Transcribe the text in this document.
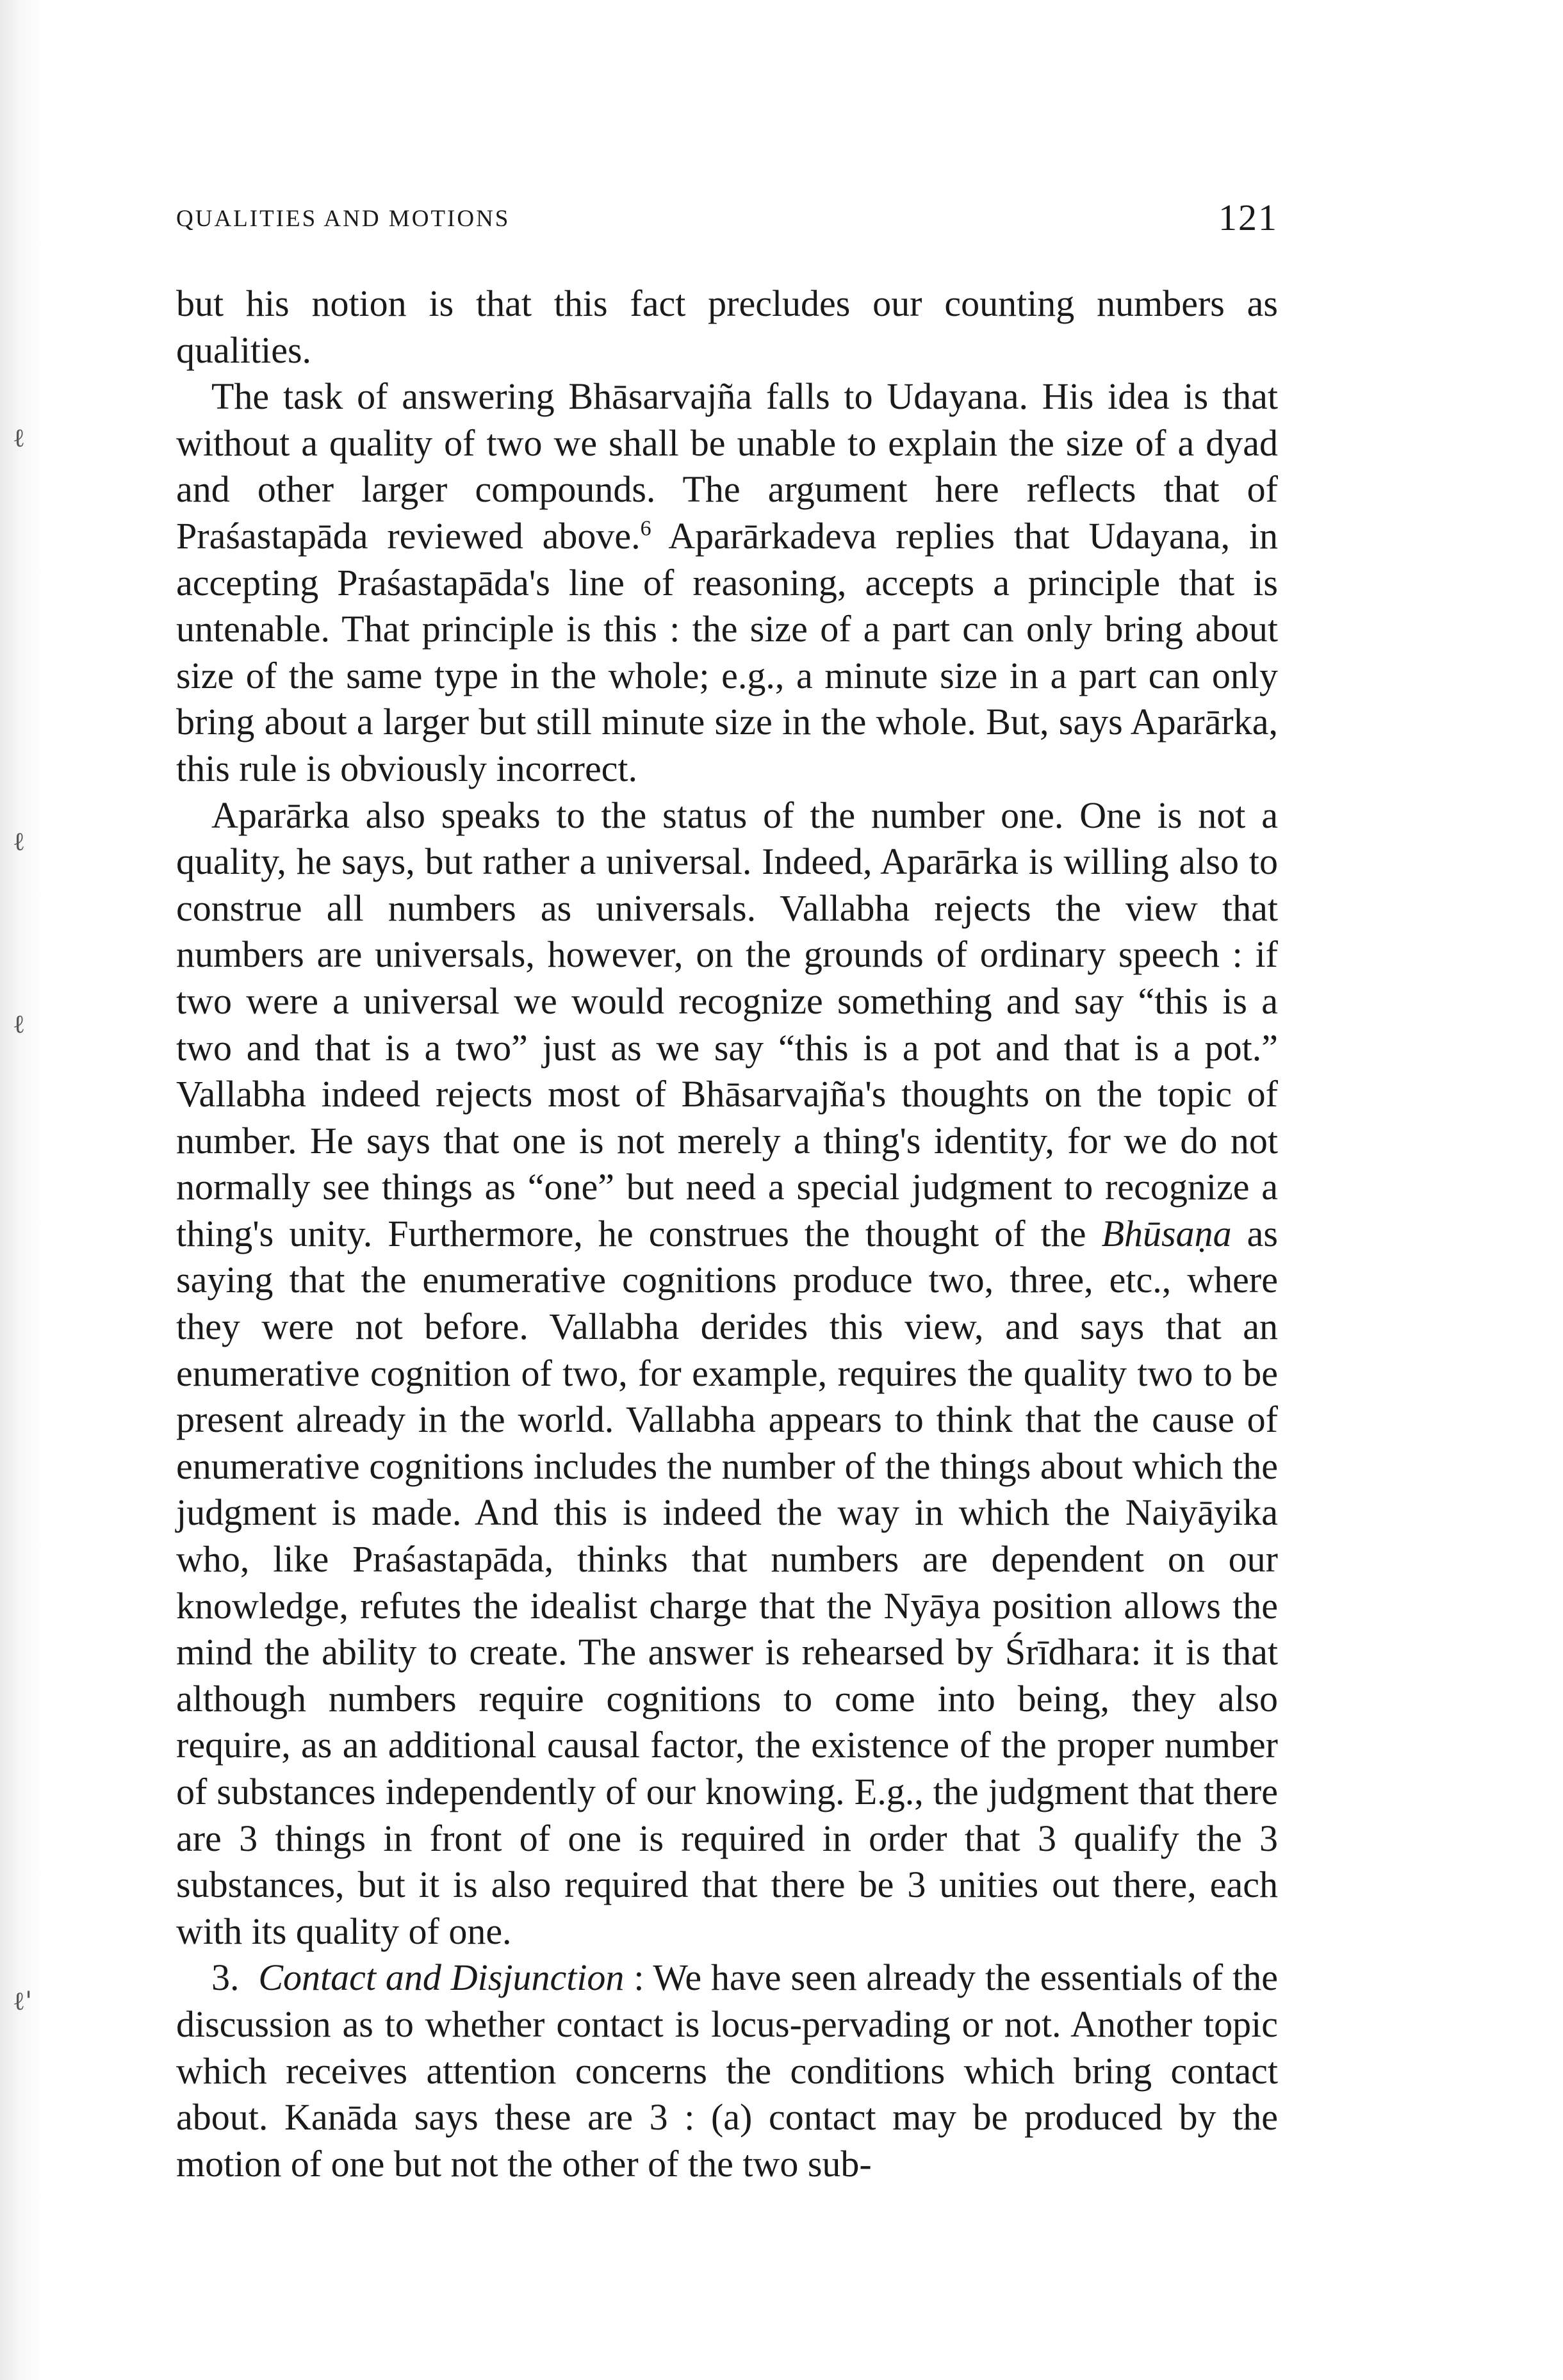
ℓ
ℓ
ℓ
ℓ'
QUALITIES AND MOTIONS	121

but his notion is that this fact precludes our counting numbers as qualities.

The task of answering Bhāsarvajña falls to Udayana. His idea is that without a quality of two we shall be unable to explain the size of a dyad and other larger compounds. The argument here reflects that of Praśastapāda reviewed above.$^6$ Aparārkadeva replies that Udayana, in accepting Praśastapāda's line of reasoning, accepts a principle that is untenable. That principle is this : the size of a part can only bring about size of the same type in the whole; e.g., a minute size in a part can only bring about a larger but still minute size in the whole. But, says Aparārka, this rule is obviously incorrect.

Aparārka also speaks to the status of the number one. One is not a quality, he says, but rather a universal. Indeed, Aparārka is willing also to construe all numbers as universals. Vallabha rejects the view that numbers are universals, however, on the grounds of ordinary speech : if two were a universal we would recognize something and say “this is a two and that is a two” just as we say “this is a pot and that is a pot.” Vallabha indeed rejects most of Bhāsarvajña's thoughts on the topic of number. He says that one is not merely a thing's identity, for we do not normally see things as “one” but need a special judgment to recognize a thing's unity. Furthermore, he construes the thought of the Bhūsaṇa as saying that the enumerative cognitions produce two, three, etc., where they were not before. Vallabha derides this view, and says that an enumerative cognition of two, for example, requires the quality two to be present already in the world. Vallabha appears to think that the cause of enumerative cognitions includes the number of the things about which the judgment is made. And this is indeed the way in which the Naiyāyika who, like Praśastapāda, thinks that numbers are dependent on our knowledge, refutes the idealist charge that the Nyāya position allows the mind the ability to create. The answer is rehearsed by Śrīdhara: it is that although numbers require cognitions to come into being, they also require, as an additional causal factor, the existence of the proper number of substances independently of our knowing. E.g., the judgment that there are 3 things in front of one is required in order that 3 qualify the 3 substances, but it is also required that there be 3 unities out there, each with its quality of one.

3. Contact and Disjunction : We have seen already the essentials of the discussion as to whether contact is locus-pervading or not. Another topic which receives attention concerns the conditions which bring contact about. Kanāda says these are 3 : (a) contact may be produced by the motion of one but not the other of the two sub-
